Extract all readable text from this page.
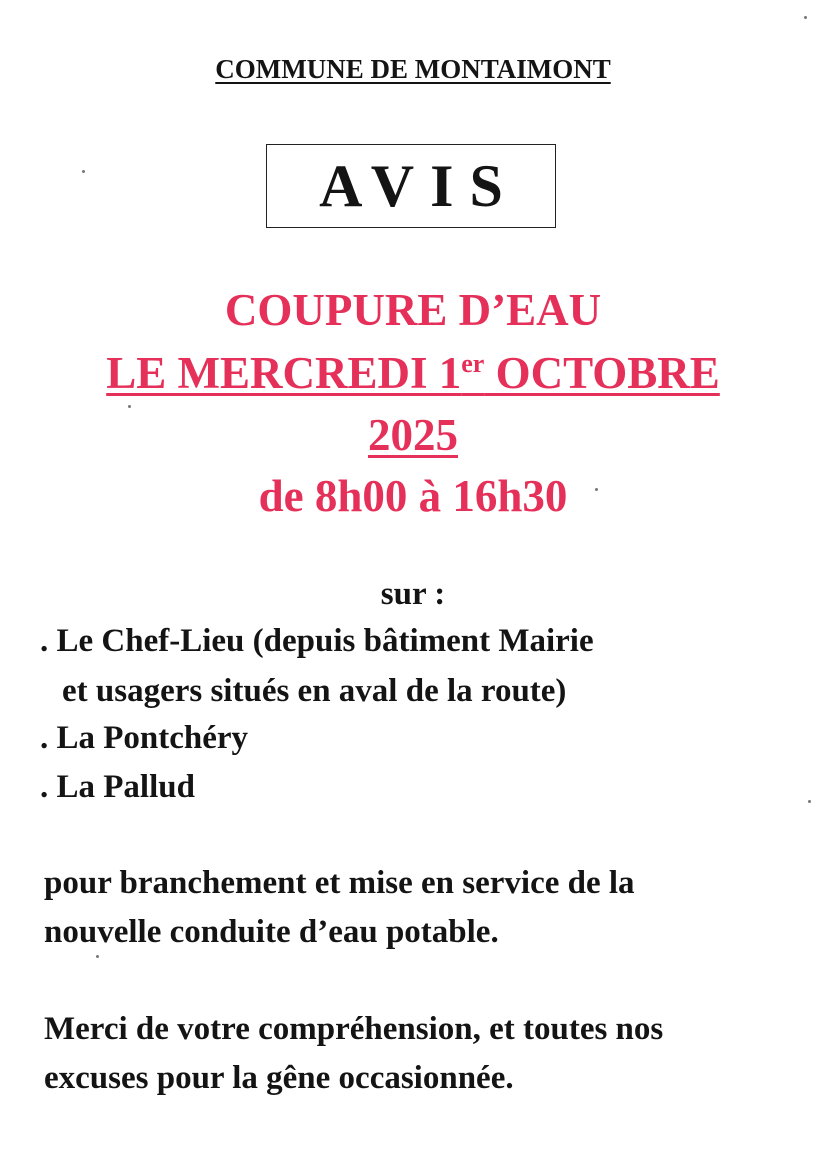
COMMUNE DE MONTAIMONT
AVIS
COUPURE D’EAU
LE MERCREDI 1er OCTOBRE
2025
de 8h00 à 16h30
sur :
. Le Chef-Lieu (depuis bâtiment Mairie
et usagers situés en aval de la route)
. La Pontchéry
. La Pallud
pour branchement et mise en service de la
nouvelle conduite d’eau potable.
Merci de votre compréhension, et toutes nos
excuses pour la gêne occasionnée.
